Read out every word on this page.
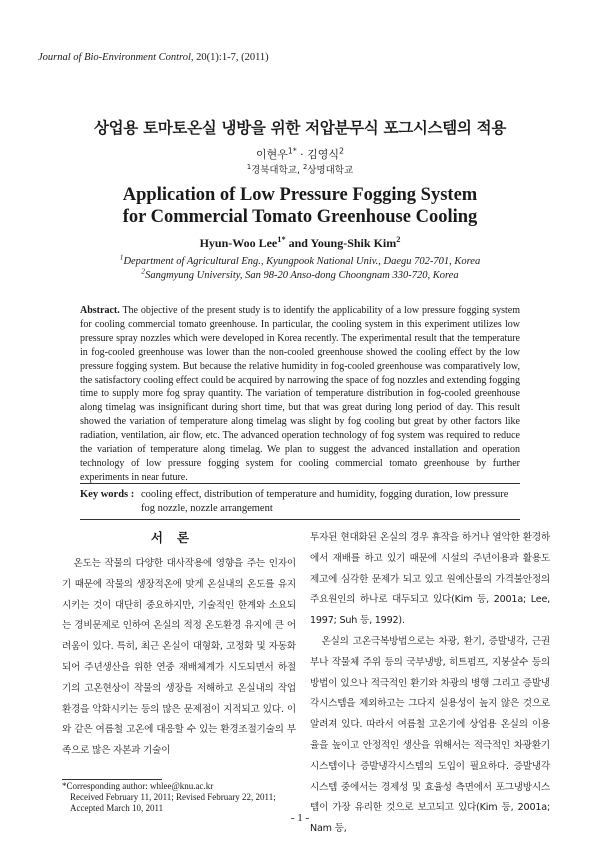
Journal of Bio-Environment Control, 20(1):1-7, (2011)
상업용 토마토온실 냉방을 위한 저압분무식 포그시스템의 적용
이현우$^{1*}$ · 김영식$^2$
$^1$경북대학교, $^2$상명대학교
Application of Low Pressure Fogging System
for Commercial Tomato Greenhouse Cooling
Hyun-Woo Lee$^{1*}$ and Young-Shik Kim$^2$
$^1$Department of Agricultural Eng., Kyungpook National Univ., Daegu 702-701, Korea
$^2$Sangmyung University, San 98-20 Anso-dong Choongnam 330-720, Korea
Abstract. The objective of the present study is to identify the applicability of a low pressure fogging system for cooling commercial tomato greenhouse. In particular, the cooling system in this experiment utilizes low pressure spray nozzles which were developed in Korea recently. The experimental result that the temperature in fog-cooled greenhouse was lower than the non-cooled greenhouse showed the cooling effect by the low pressure fogging system. But because the relative humidity in fog-cooled greenhouse was comparatively low, the satisfactory cooling effect could be acquired by narrowing the space of fog nozzles and extending fogging time to supply more fog spray quantity. The variation of temperature distribution in fog-cooled greenhouse along timelag was insignificant during short time, but that was great during long period of day. This result showed the variation of temperature along timelag was slight by fog cooling but great by other factors like radiation, ventilation, air flow, etc. The advanced operation technology of fog system was required to reduce the variation of temperature along timelag. We plan to suggest the advanced installation and operation technology of low pressure fogging system for cooling commercial tomato greenhouse by further experiments in near future.
Key words : cooling effect, distribution of temperature and humidity, fogging duration, low pressure fog nozzle, nozzle arrangement
서론

온도는 작물의 다양한 대사작용에 영향을 주는 인자이기 때문에 작물의 생장적온에 맞게 온실내의 온도를 유지시키는 것이 대단히 중요하지만, 기술적인 한계와 소요되는 경비문제로 인하여 온실의 적정 온도환경 유지에 큰 어려움이 있다. 특히, 최근 온실이 대형화, 고정화 및 자동화되어 주년생산을 위한 연중 재배체계가 시도되면서 하절기의 고온현상이 작물의 생장을 저해하고 온실내의 작업환경을 악화시키는 등의 많은 문제점이 지적되고 있다. 이와 같은 여름철 고온에 대응할 수 있는 환경조절기술의 부족으로 많은 자본과 기술이

투자된 현대화된 온실의 경우 휴작을 하거나 열악한 환경하에서 재배를 하고 있기 때문에 시설의 주년이용과 활용도 제고에 심각한 문제가 되고 있고 원예산물의 가격불안정의 주요원인의 하나로 대두되고 있다(Kim 등, 2001a; Lee, 1997; Suh 등, 1992).

온실의 고온극복방법으로는 차광, 환기, 증발냉각, 근권부나 작물체 주위 등의 국부냉방, 히트펌프, 지붕살수 등의 방법이 있으나 적극적인 환기와 차광의 병행 그리고 증발냉각시스템을 제외하고는 그다지 실용성이 높지 않은 것으로 알려져 있다. 따라서 여름철 고온기에 상업용 온실의 이용율을 높이고 안정적인 생산을 위해서는 적극적인 차광환기시스템이나 증발냉각시스템의 도입이 필요하다. 증발냉각시스템 중에서는 경제성 및 효율성 측면에서 포그냉방시스템이 가장 유리한 것으로 보고되고 있다(Kim 등, 2001a; Nam 등,

*Corresponding author: whlee@knu.ac.kr
Received February 11, 2011; Revised February 22, 2011;
Accepted March 10, 2011
- 1 -
